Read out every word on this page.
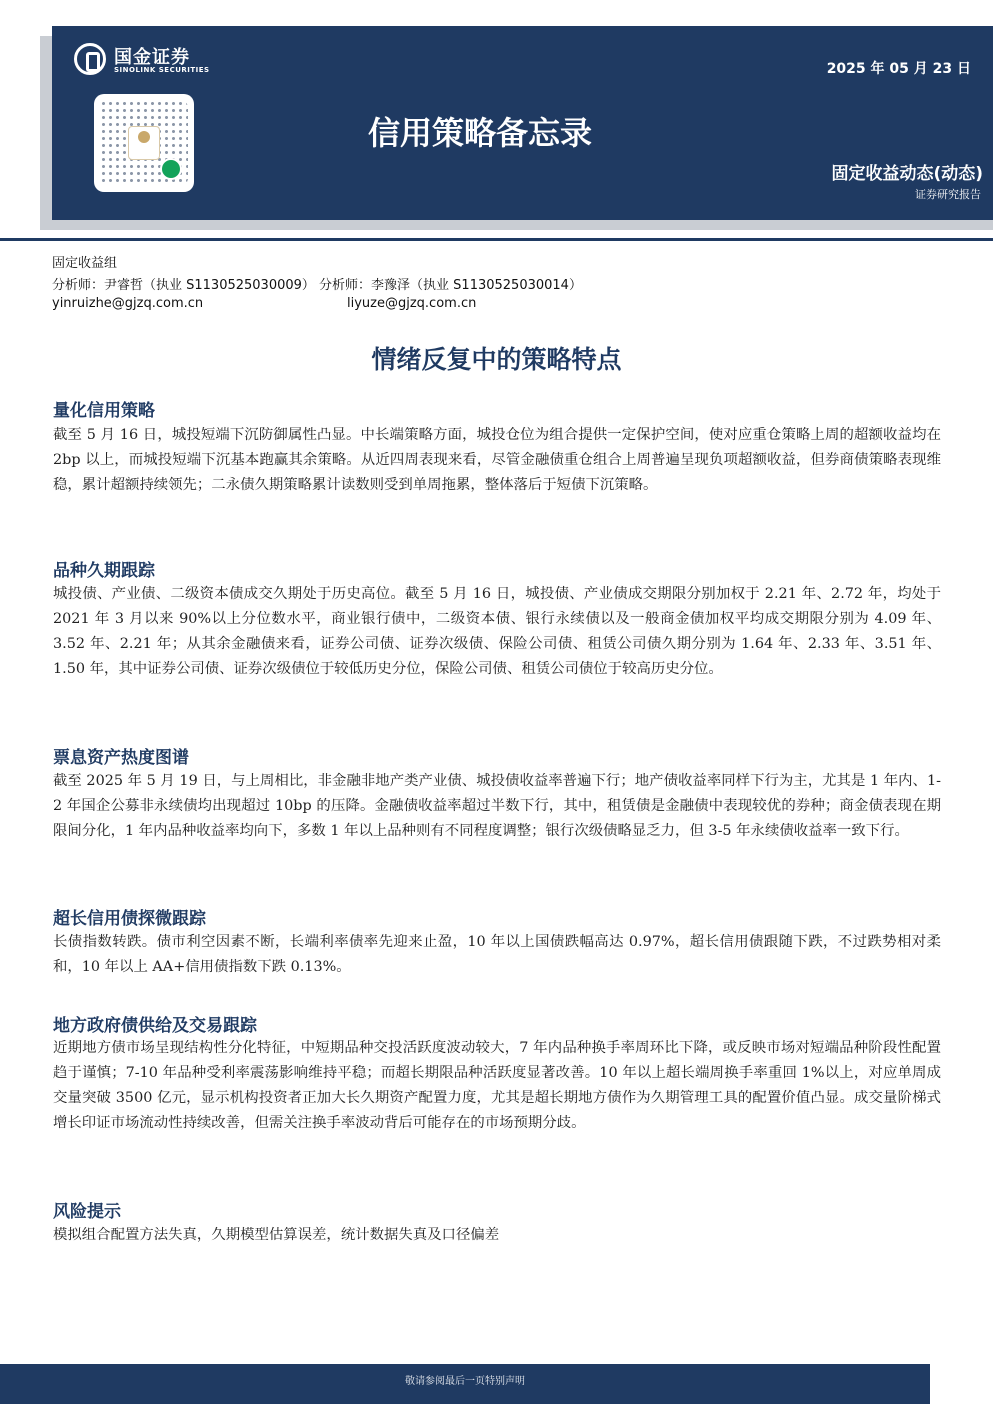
国金证券
SINOLINK SECURITIES	2025 年 05 月 23 日
信用策略备忘录
固定收益动态(动态)
证券研究报告
固定收益组
分析师：尹睿哲（执业 S1130525030009） 分析师：李豫泽（执业 S1130525030014）
yinruizhe@gjzq.com.cn	liyuze@gjzq.com.cn
情绪反复中的策略特点
量化信用策略

截至 5 月 16 日，城投短端下沉防御属性凸显。中长端策略方面，城投仓位为组合提供一定保护空间，使对应重仓策略上周的超额收益均在 2bp 以上，而城投短端下沉基本跑赢其余策略。从近四周表现来看，尽管金融债重仓组合上周普遍呈现负项超额收益，但券商债策略表现维稳，累计超额持续领先；二永债久期策略累计读数则受到单周拖累，整体落后于短债下沉策略。

品种久期跟踪

城投债、产业债、二级资本债成交久期处于历史高位。截至 5 月 16 日，城投债、产业债成交期限分别加权于 2.21 年、2.72 年，均处于 2021 年 3 月以来 90%以上分位数水平，商业银行债中，二级资本债、银行永续债以及一般商金债加权平均成交期限分别为 4.09 年、3.52 年、2.21 年；从其余金融债来看，证券公司债、证券次级债、保险公司债、租赁公司债久期分别为 1.64 年、2.33 年、3.51 年、1.50 年，其中证券公司债、证券次级债位于较低历史分位，保险公司债、租赁公司债位于较高历史分位。

票息资产热度图谱

截至 2025 年 5 月 19 日，与上周相比，非金融非地产类产业债、城投债收益率普遍下行；地产债收益率同样下行为主，尤其是 1 年内、1-2 年国企公募非永续债均出现超过 10bp 的压降。金融债收益率超过半数下行，其中，租赁债是金融债中表现较优的券种；商金债表现在期限间分化，1 年内品种收益率均向下，多数 1 年以上品种则有不同程度调整；银行次级债略显乏力，但 3-5 年永续债收益率一致下行。

超长信用债探微跟踪

长债指数转跌。债市利空因素不断，长端利率债率先迎来止盈，10 年以上国债跌幅高达 0.97%，超长信用债跟随下跌，不过跌势相对柔和，10 年以上 AA+信用债指数下跌 0.13%。

地方政府债供给及交易跟踪

近期地方债市场呈现结构性分化特征，中短期品种交投活跃度波动较大，7 年内品种换手率周环比下降，或反映市场对短端品种阶段性配置趋于谨慎；7-10 年品种受利率震荡影响维持平稳；而超长期限品种活跃度显著改善。10 年以上超长端周换手率重回 1%以上，对应单周成交量突破 3500 亿元，显示机构投资者正加大长久期资产配置力度，尤其是超长期地方债作为久期管理工具的配置价值凸显。成交量阶梯式增长印证市场流动性持续改善，但需关注换手率波动背后可能存在的市场预期分歧。

风险提示

模拟组合配置方法失真，久期模型估算误差，统计数据失真及口径偏差

敬请参阅最后一页特别声明
